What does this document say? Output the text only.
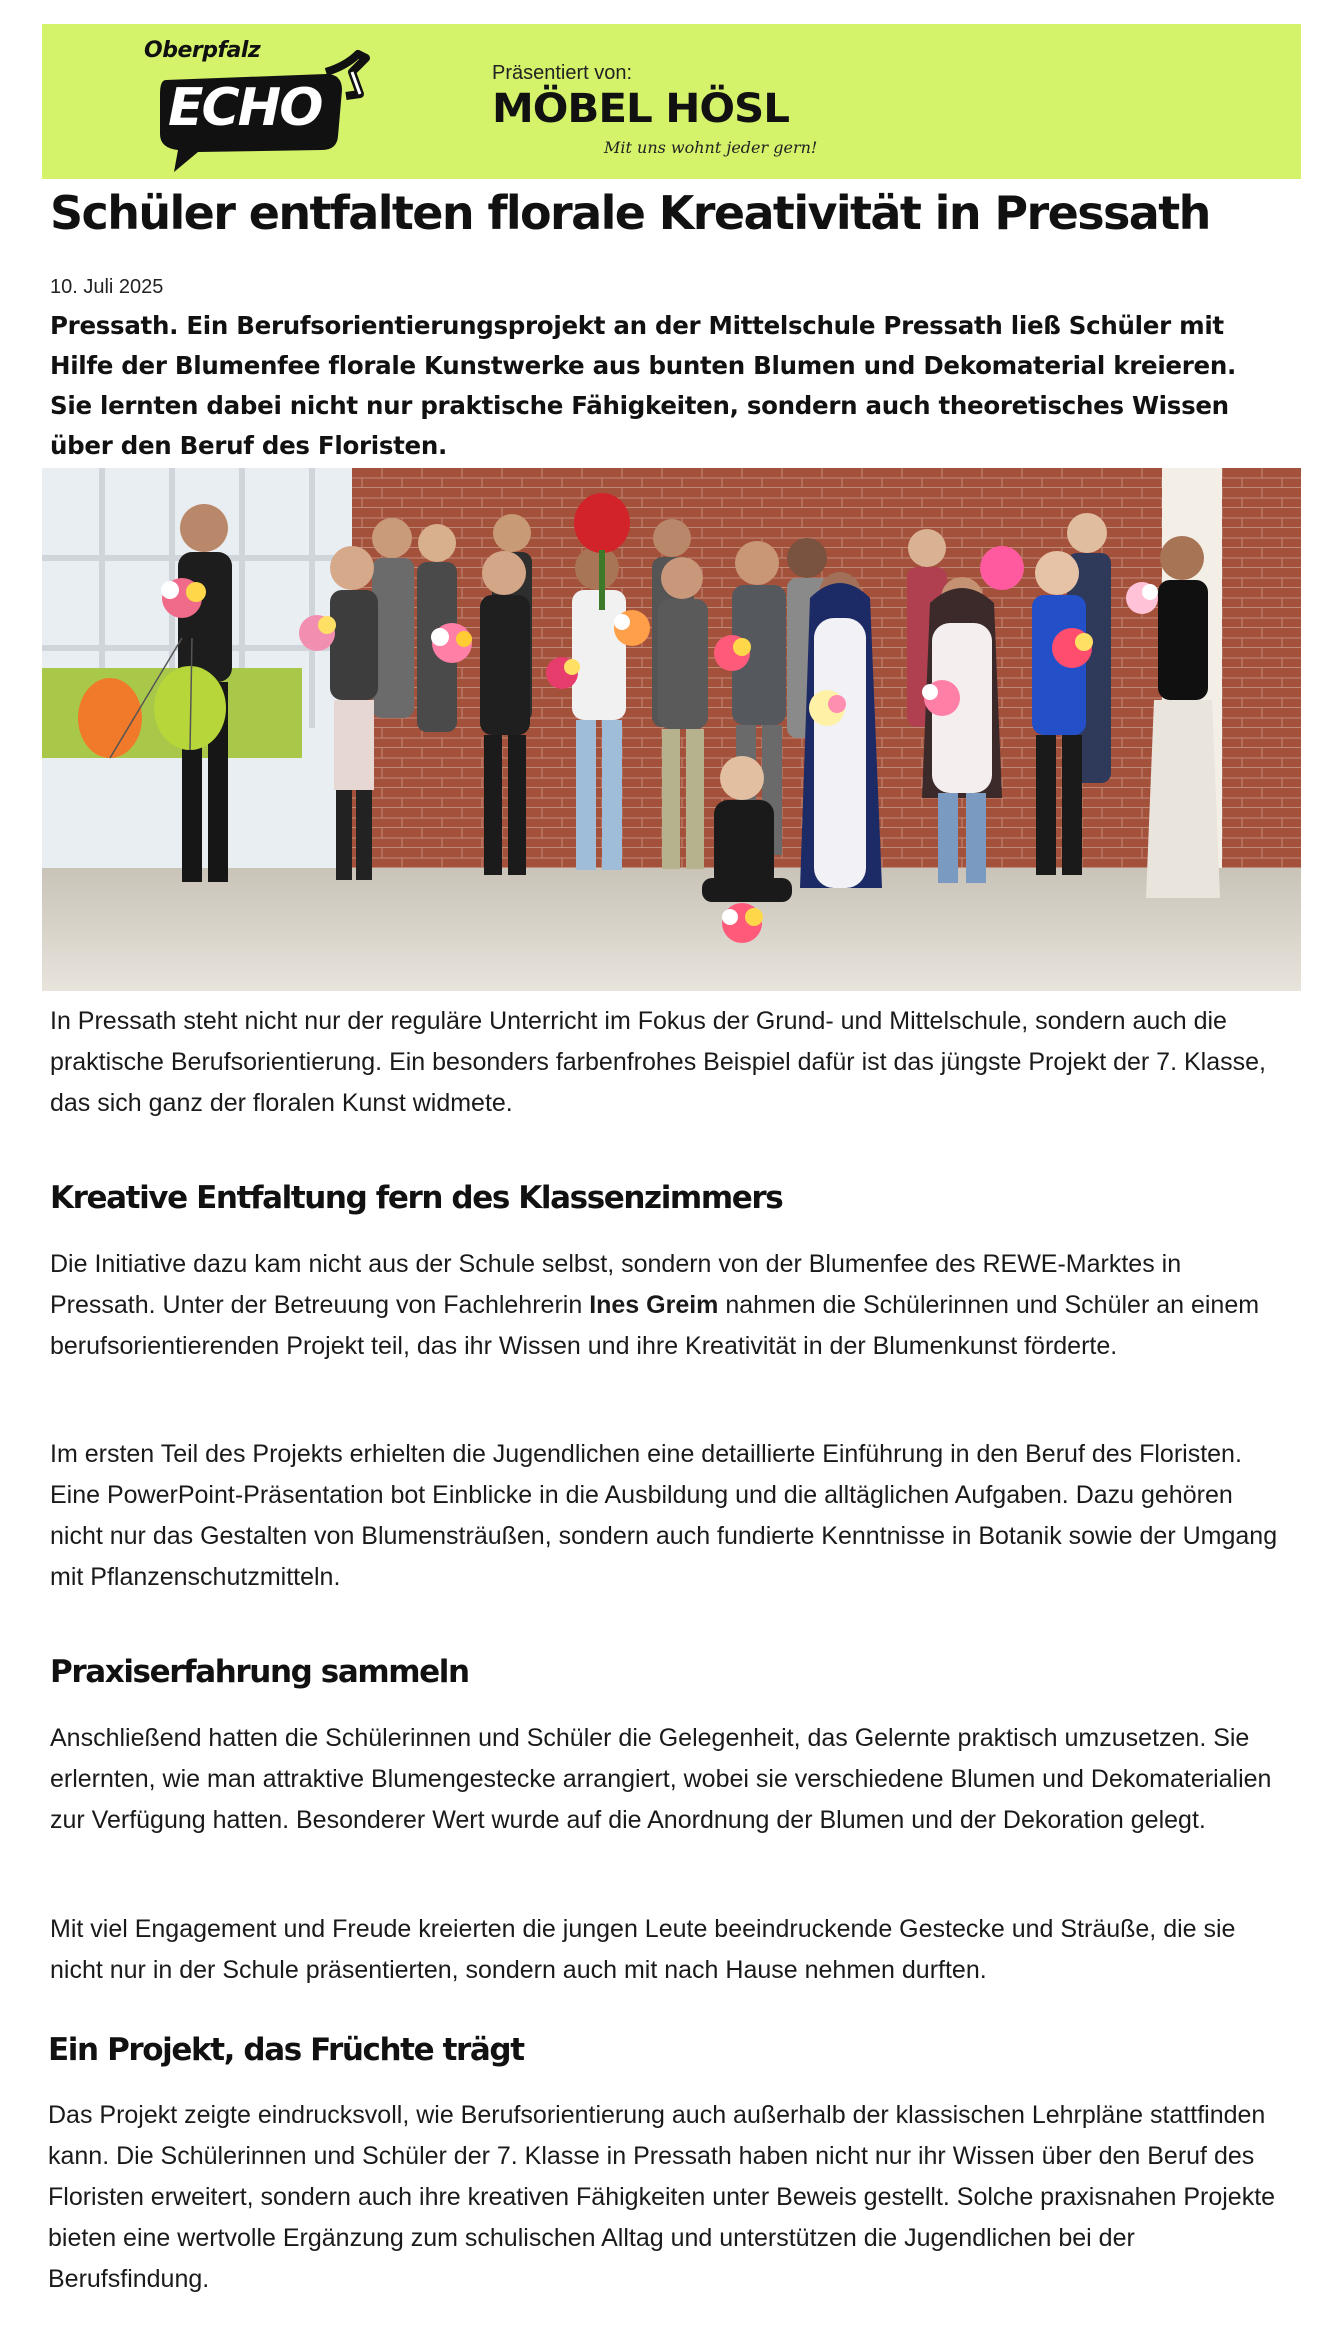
Oberpfalz
ECHO
Präsentiert von:
MÖBEL HÖSL
Mit uns wohnt jeder gern!
Schüler entfalten florale Kreativität in Pressath
10. Juli 2025

Pressath. Ein Berufsorientierungsprojekt an der Mittelschule Pressath ließ Schüler mit Hilfe der Blumenfee florale Kunstwerke aus bunten Blumen und Dekomaterial kreieren. Sie lernten dabei nicht nur praktische Fähigkeiten, sondern auch theoretisches Wissen über den Beruf des Floristen.

In Pressath steht nicht nur der reguläre Unterricht im Fokus der Grund- und Mittelschule, sondern auch die praktische Berufsorientierung. Ein besonders farbenfrohes Beispiel dafür ist das jüngste Projekt der 7. Klasse, das sich ganz der floralen Kunst widmete.

Kreative Entfaltung fern des Klassenzimmers

Die Initiative dazu kam nicht aus der Schule selbst, sondern von der Blumenfee des REWE-Marktes in Pressath. Unter der Betreuung von Fachlehrerin Ines Greim nahmen die Schülerinnen und Schüler an einem berufsorientierenden Projekt teil, das ihr Wissen und ihre Kreativität in der Blumenkunst förderte.

Im ersten Teil des Projekts erhielten die Jugendlichen eine detaillierte Einführung in den Beruf des Floristen. Eine PowerPoint-Präsentation bot Einblicke in die Ausbildung und die alltäglichen Aufgaben. Dazu gehören nicht nur das Gestalten von Blumensträußen, sondern auch fundierte Kenntnisse in Botanik sowie der Umgang mit Pflanzenschutzmitteln.

Praxiserfahrung sammeln

Anschließend hatten die Schülerinnen und Schüler die Gelegenheit, das Gelernte praktisch umzusetzen. Sie erlernten, wie man attraktive Blumengestecke arrangiert, wobei sie verschiedene Blumen und Dekomaterialien zur Verfügung hatten. Besonderer Wert wurde auf die Anordnung der Blumen und der Dekoration gelegt.

Mit viel Engagement und Freude kreierten die jungen Leute beeindruckende Gestecke und Sträuße, die sie nicht nur in der Schule präsentierten, sondern auch mit nach Hause nehmen durften.

Ein Projekt, das Früchte trägt

Das Projekt zeigte eindrucksvoll, wie Berufsorientierung auch außerhalb der klassischen Lehrpläne stattfinden kann. Die Schülerinnen und Schüler der 7. Klasse in Pressath haben nicht nur ihr Wissen über den Beruf des Floristen erweitert, sondern auch ihre kreativen Fähigkeiten unter Beweis gestellt. Solche praxisnahen Projekte bieten eine wertvolle Ergänzung zum schulischen Alltag und unterstützen die Jugendlichen bei der Berufsfindung.
